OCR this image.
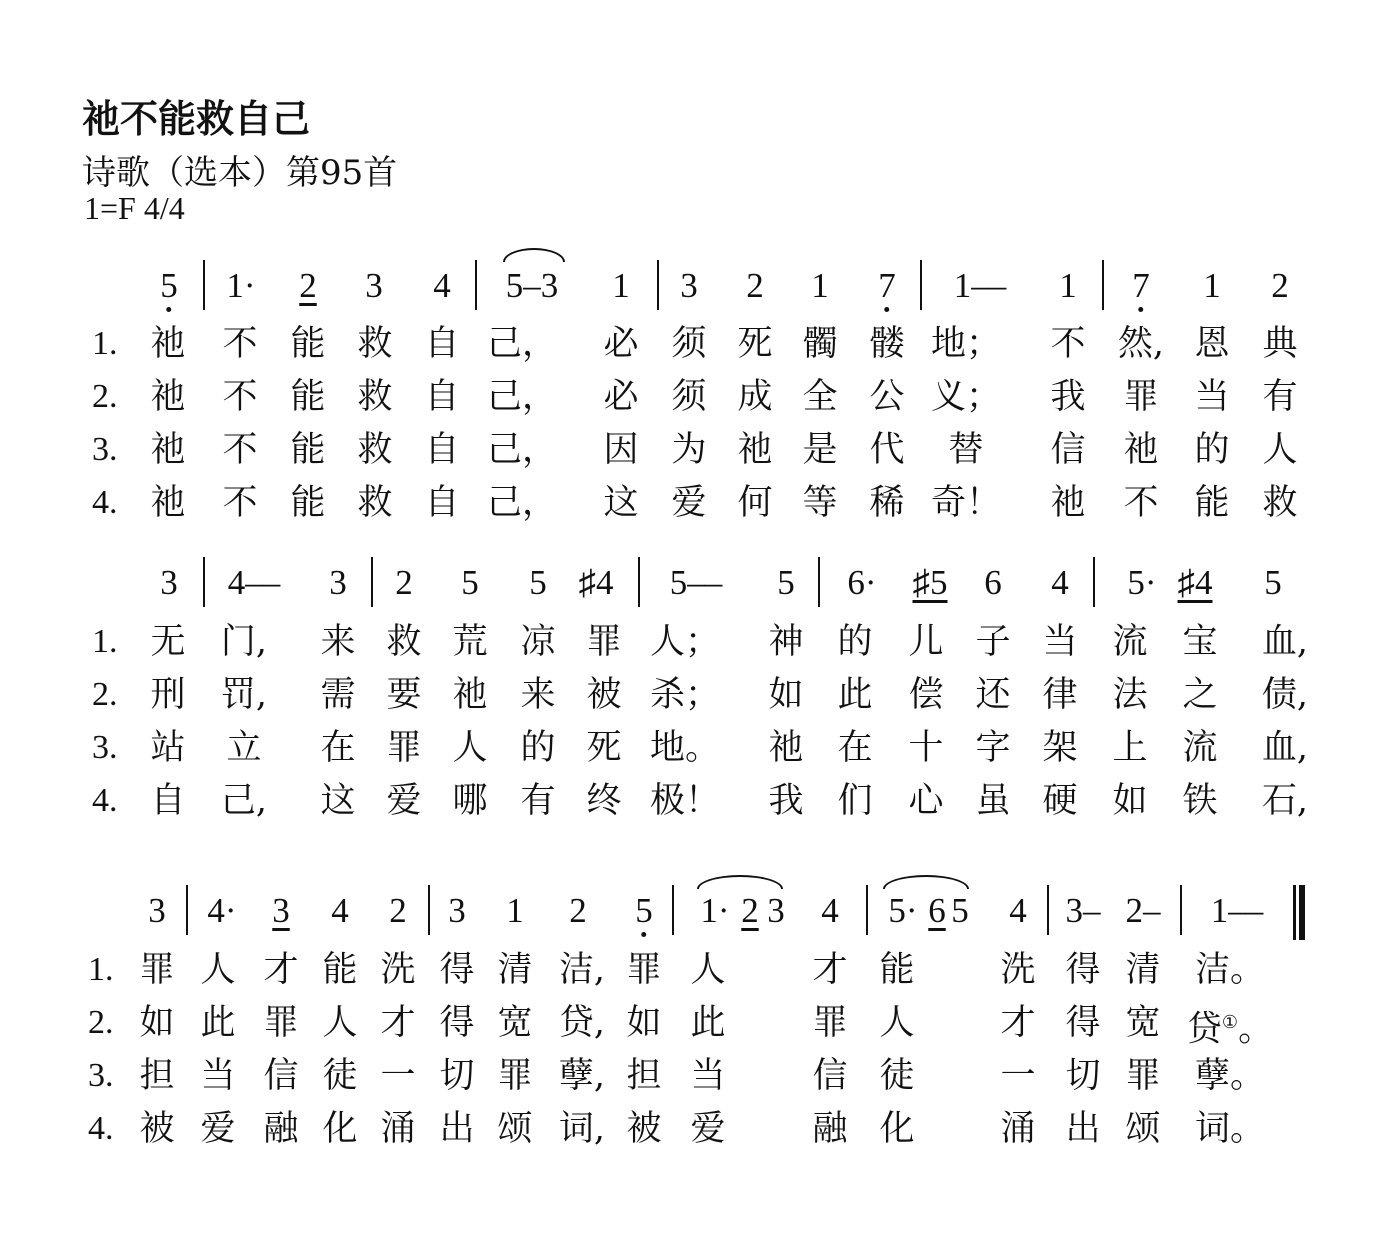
祂不能救自己
诗歌（选本）第95首
1=F 4/4
5 1· 2 3 4 5–3 1 3 2 1 7 1–– 1 7 1 2
1.
2.
3.
4.
祂 不 能 救 自 己， 必 须 死 髑 髅 地； 不 然, 恩 典
祂 不 能 救 自 己， 必 须 成 全 公 义； 我 罪 当 有
祂 不 能 救 自 己， 因 为 祂 是 代 替 信 祂 的 人
祂 不 能 救 自 己， 这 爱 何 等 稀 奇！ 祂 不 能 救
3 4–– 3 2 5 5 ♯4 5–– 5 6· ♯5 6 4 5· ♯4 5
1.
2.
3.
4.
无 门, 来 救 荒 凉 罪 人； 神 的 儿 子 当 流 宝 血,
刑 罚, 需 要 祂 来 被 杀； 如 此 偿 还 律 法 之 债,
站 立 在 罪 人 的 死 地。 祂 在 十 字 架 上 流 血,
自 己, 这 爱 哪 有 终 极！ 我 们 心 虽 硬 如 铁 石,
3 4· 3 4 2 3 1 2 5 1· 2 3 4 5· 6 5 4 3– 2– 1––
1.
2.
3.
4.
罪 人 才 能 洗 得 清 洁, 罪 人 才 能 洗 得 清 洁。
如 此 罪 人 才 得 宽 贷, 如 此 罪 人 才 得 宽 贷①。
担 当 信 徒 一 切 罪 孽, 担 当 信 徒 一 切 罪 孽。
被 爱 融 化 涌 出 颂 词, 被 爱 融 化 涌 出 颂 词。
